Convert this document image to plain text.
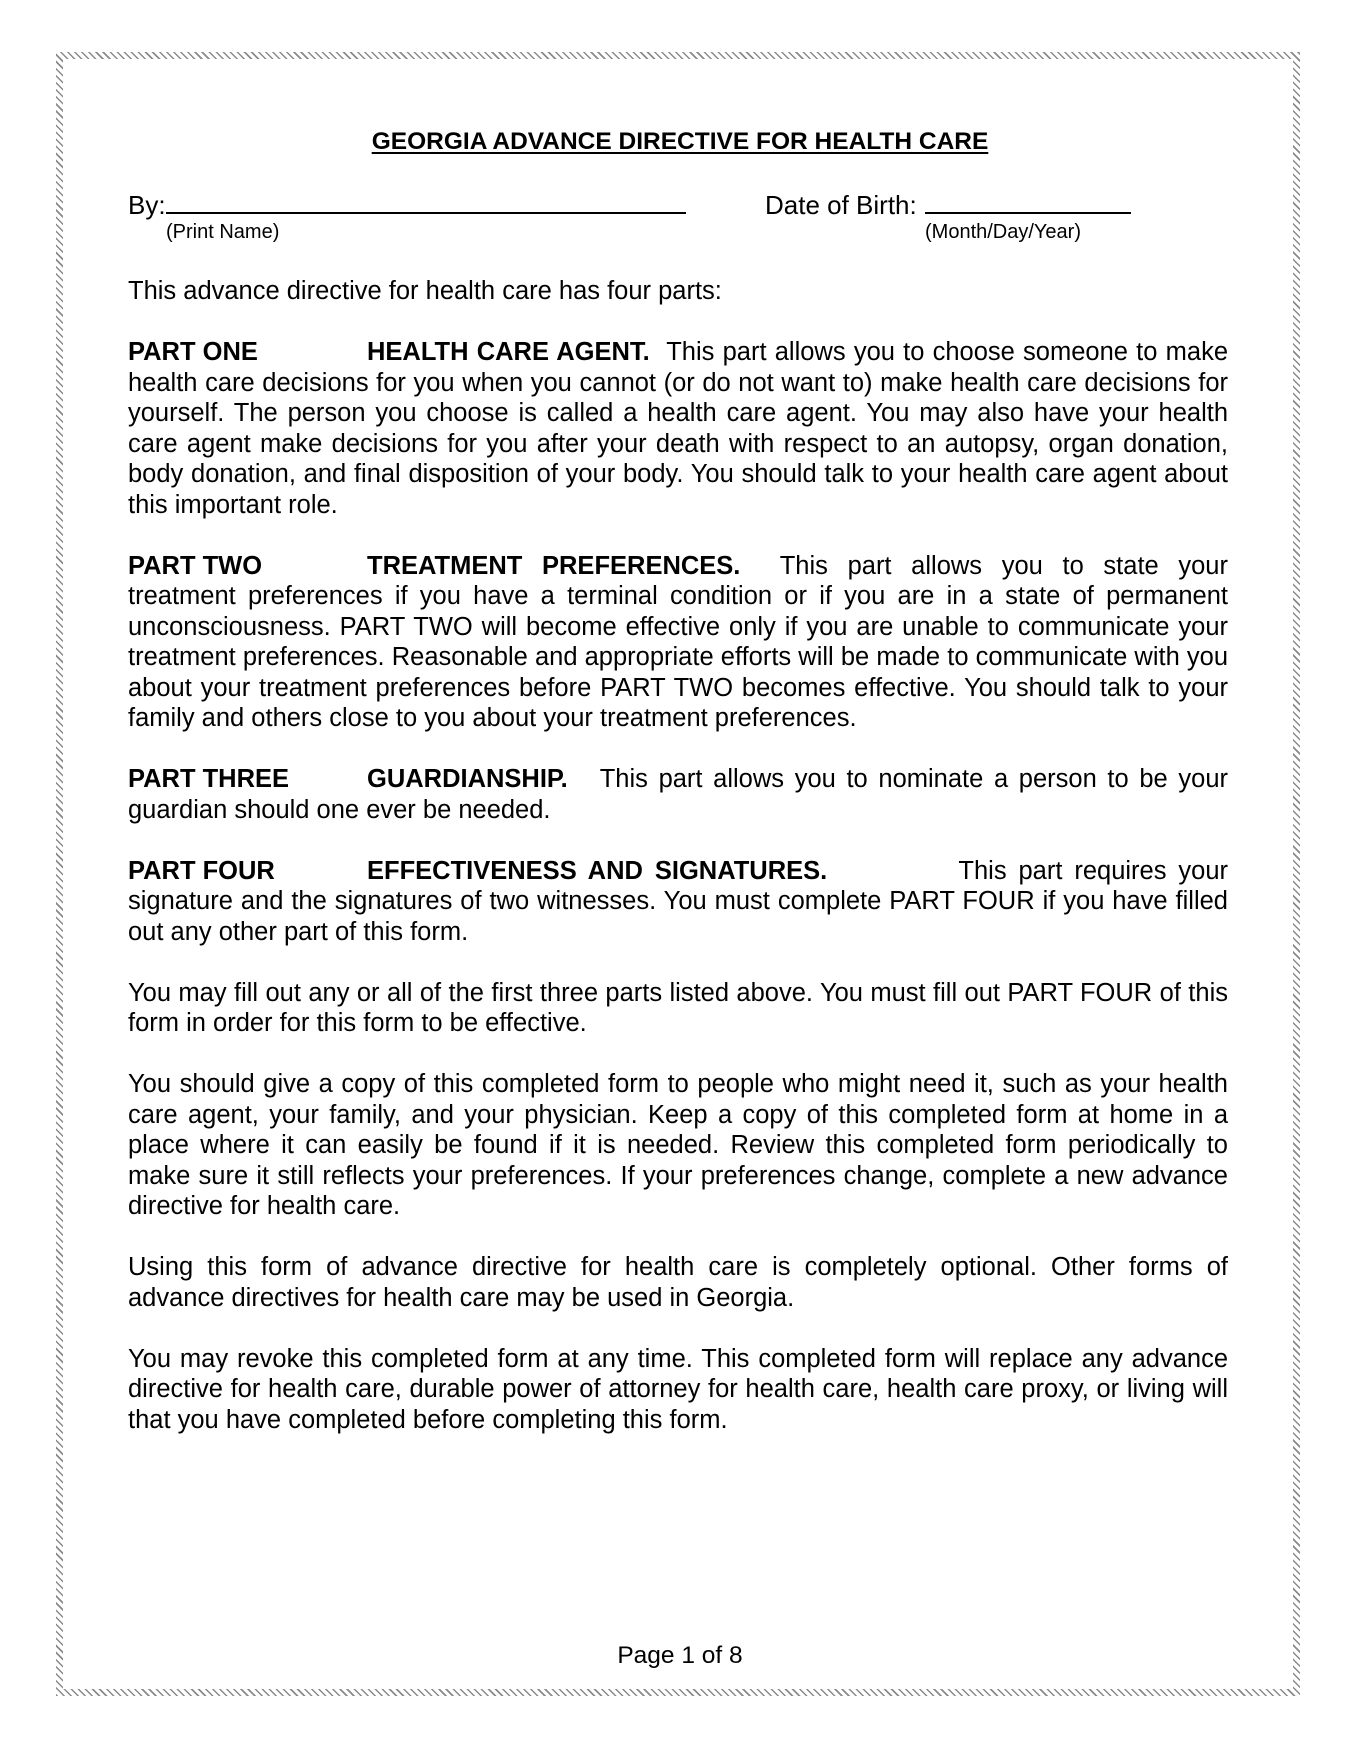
GEORGIA ADVANCE DIRECTIVE FOR HEALTH CARE
By:	Date of Birth:
(Print Name)	(Month/Day/Year)

This advance directive for health care has four parts:

PART ONE	HEALTH CARE AGENT. This part allows you to choose someone to make health care decisions for you when you cannot (or do not want to) make health care decisions for yourself. The person you choose is called a health care agent. You may also have your health care agent make decisions for you after your death with respect to an autopsy, organ donation, body donation, and final disposition of your body. You should talk to your health care agent about this important role.

PART TWO	TREATMENT PREFERENCES. This part allows you to state your treatment preferences if you have a terminal condition or if you are in a state of permanent unconsciousness. PART TWO will become effective only if you are unable to communicate your treatment preferences. Reasonable and appropriate efforts will be made to communicate with you about your treatment preferences before PART TWO becomes effective. You should talk to your family and others close to you about your treatment preferences.

PART THREE	GUARDIANSHIP. This part allows you to nominate a person to be your guardian should one ever be needed.

PART FOUR	EFFECTIVENESS AND SIGNATURES.	This part requires your signature and the signatures of two witnesses. You must complete PART FOUR if you have filled out any other part of this form.

You may fill out any or all of the first three parts listed above. You must fill out PART FOUR of this form in order for this form to be effective.

You should give a copy of this completed form to people who might need it, such as your health care agent, your family, and your physician. Keep a copy of this completed form at home in a place where it can easily be found if it is needed. Review this completed form periodically to make sure it still reflects your preferences. If your preferences change, complete a new advance directive for health care.

Using this form of advance directive for health care is completely optional. Other forms of advance directives for health care may be used in Georgia.

You may revoke this completed form at any time. This completed form will replace any advance directive for health care, durable power of attorney for health care, health care proxy, or living will that you have completed before completing this form.

Page 1 of 8
